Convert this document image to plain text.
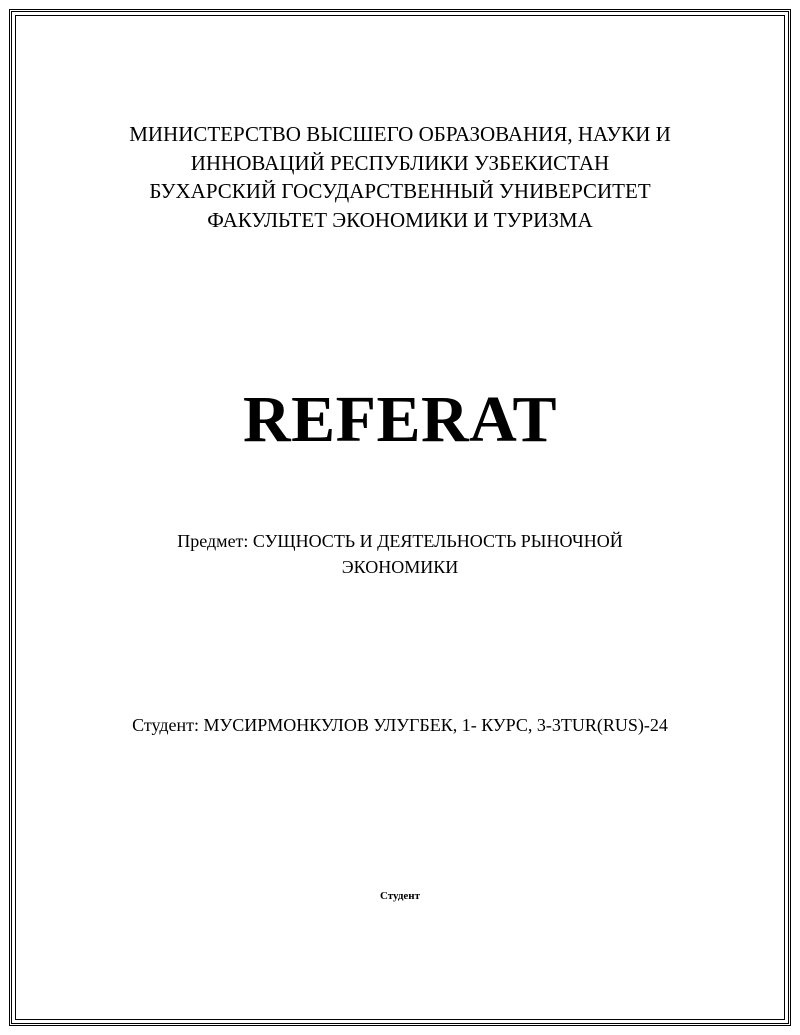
МИНИСТЕРСТВО ВЫСШЕГО ОБРАЗОВАНИЯ, НАУКИ И
ИННОВАЦИЙ РЕСПУБЛИКИ УЗБЕКИСТАН
БУХАРСКИЙ ГОСУДАРСТВЕННЫЙ УНИВЕРСИТЕТ
ФАКУЛЬТЕТ ЭКОНОМИКИ И ТУРИЗМА
REFERAT
Предмет: СУЩНОСТЬ И ДЕЯТЕЛЬНОСТЬ РЫНОЧНОЙ
ЭКОНОМИКИ
Студент: МУСИРМОНКУЛОВ УЛУГБЕК, 1- КУРС, 3-3TUR(RUS)-24
Студент
